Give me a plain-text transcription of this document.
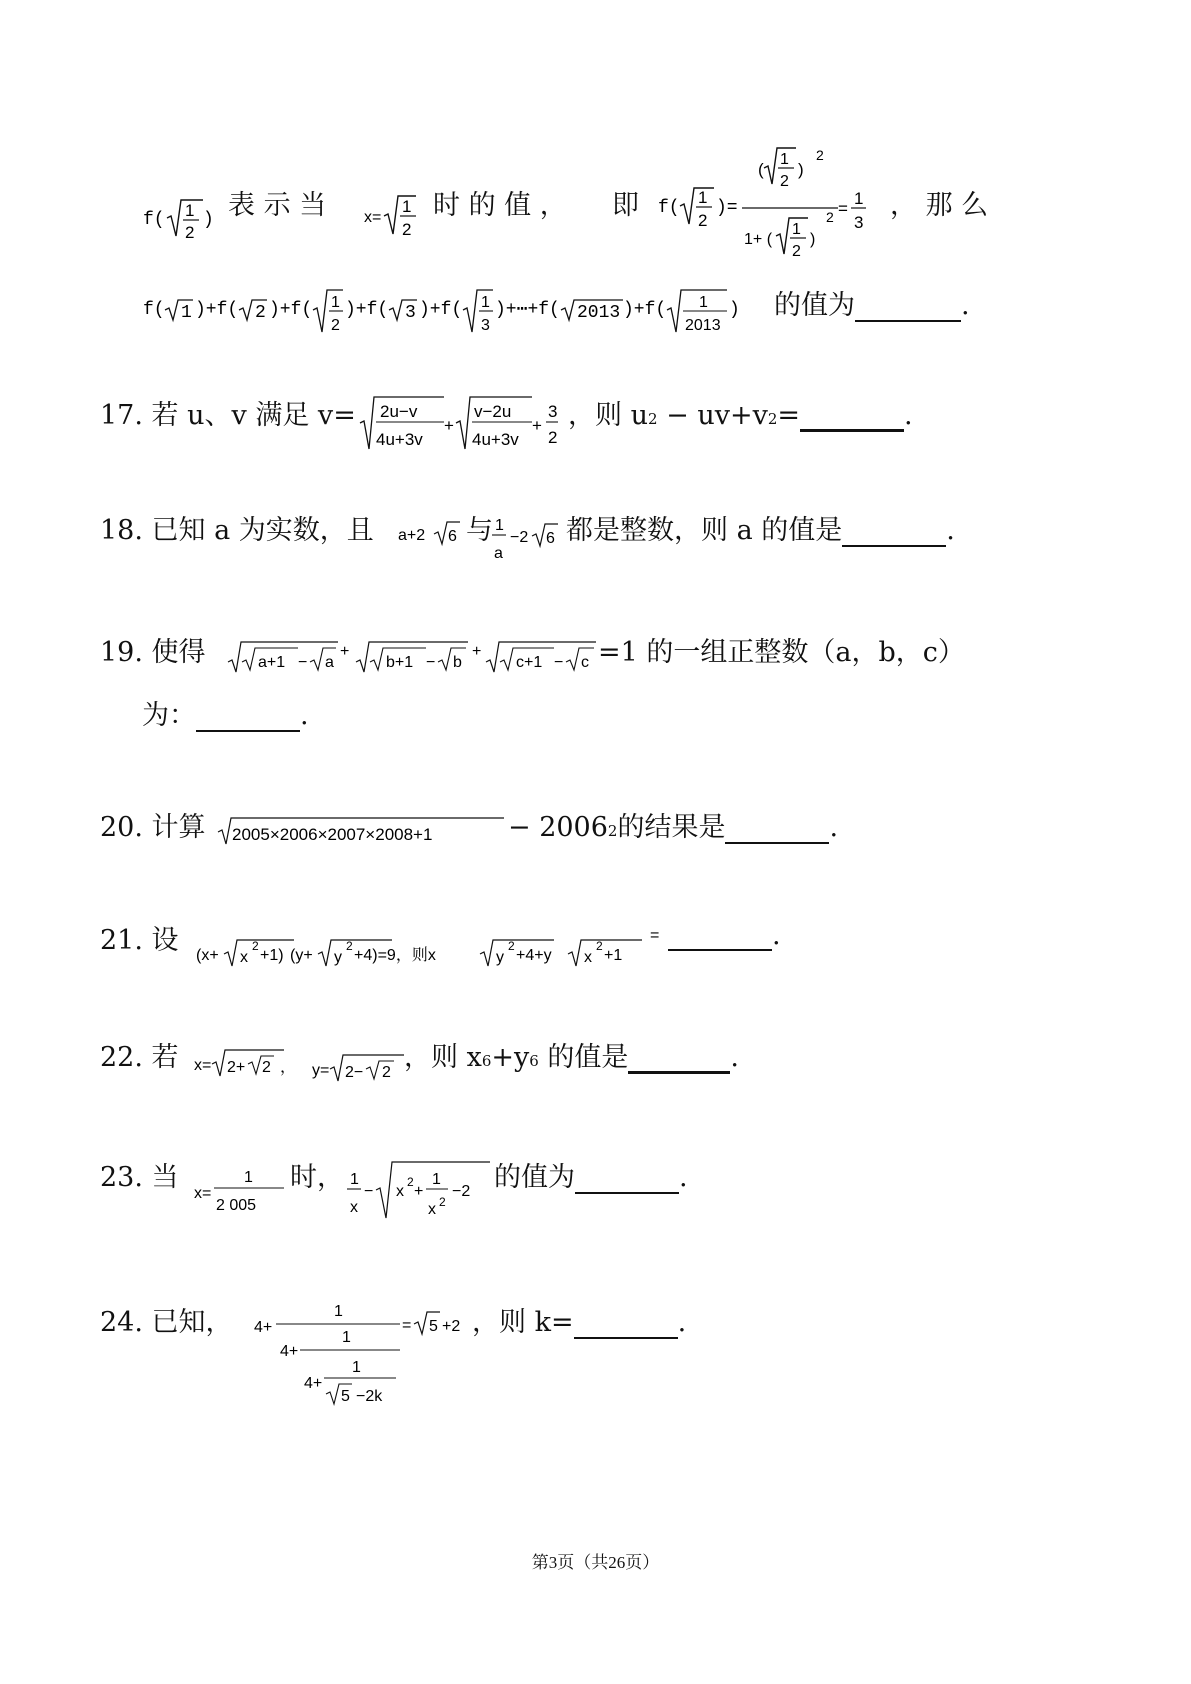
f( 1
2
) 表 示 当 x=
1
2
时 的 值 ， 即 f(
1
2
)=
(
1
2
)
2
1+ (
1
2
)
2 =
1
3
， 那 么
f( 1 )+f( 2 )+f( 1
2
)+f( 3 )+f( 1
3
)+⋯+f( 2013 )+f( 1
2013
) 的值为	.
17. 若 u、v 满足 v= 2u−v
4u+3v
+
v−2u
4u+3v
+
3
2
，则 u2 − uv+v2=	.
18. 已知 a 为实数，且 a+2 6 与 1
a
−2 6 都是整数，则 a 的值是	.
19. 使得	a+1 − a
+
b+1 − b
+
c+1 − c =1 的一组正整数（a，b，c）
为：	.
20. 计算 2005×2006×2007×2008+1	− 20062的结果是	.
21. 设 (x+ x
2
+1) (y+ y
2
+4)=9，则x	y
2
+4+y x
2
+1
=	.
22. 若 x= 2+ 2 ， y= 2− 2 ，则 x6+y6 的值是	.
23. 当
x=
1
2 005
时， 1
x
− x
2
+
1
x 2
−2 的值为	.
24. 已知， 4+
1
4+
1
4+
1
5 −2k
= 5 +2 ，则 k=	.
第3页（共26页）
